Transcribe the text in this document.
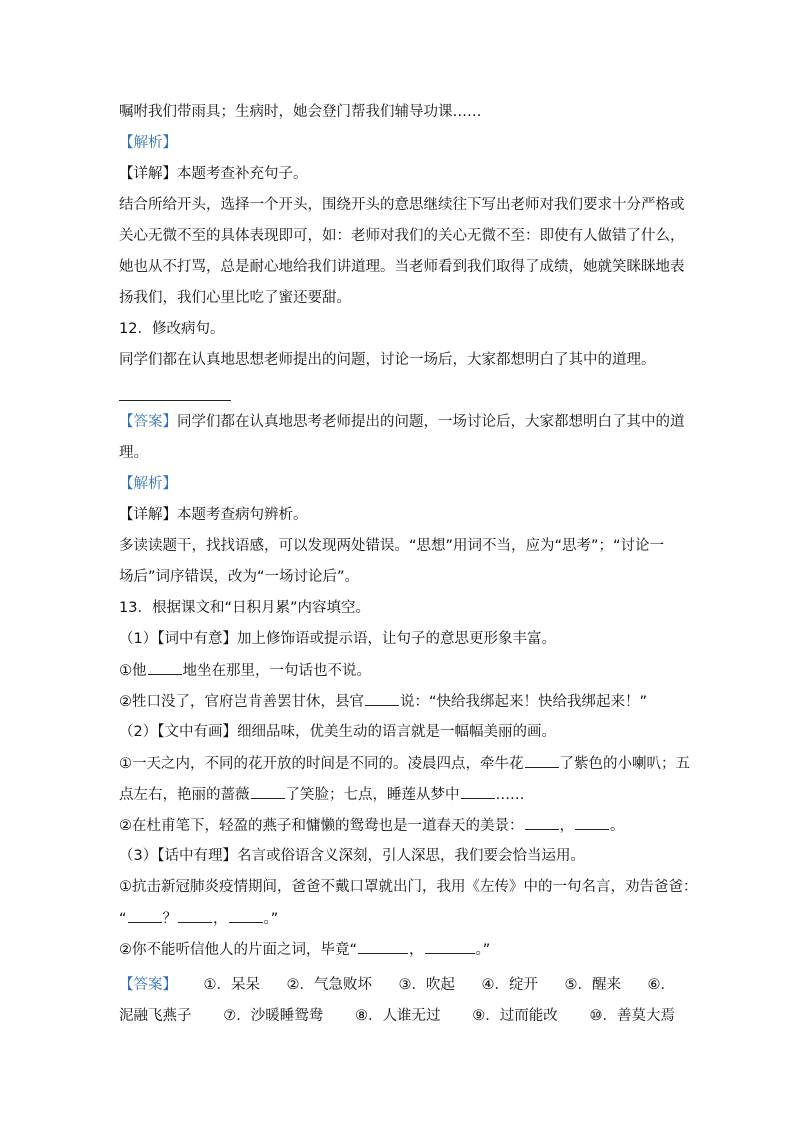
嘱咐我们带雨具；生病时，她会登门帮我们辅导功课……
【解析】
【详解】本题考查补充句子。
结合所给开头，选择一个开头，围绕开头的意思继续往下写出老师对我们要求十分严格或
关心无微不至的具体表现即可，如：老师对我们的关心无微不至：即使有人做错了什么，
她也从不打骂，总是耐心地给我们讲道理。当老师看到我们取得了成绩，她就笑眯眯地表
扬我们，我们心里比吃了蜜还要甜。
12．修改病句。
同学们都在认真地思想老师提出的问题，讨论一场后，大家都想明白了其中的道理。
【答案】同学们都在认真地思考老师提出的问题，一场讨论后，大家都想明白了其中的道
理。
【解析】
【详解】本题考查病句辨析。
多读读题干，找找语感，可以发现两处错误。“思想”用词不当，应为“思考”；“讨论一
场后”词序错误，改为“一场讨论后”。
13．根据课文和“日积月累”内容填空。
（1）【词中有意】加上修饰语或提示语，让句子的意思更形象丰富。
①他 地坐在那里，一句话也不说。
②牲口没了，官府岂肯善罢甘休，县官 说：“快给我绑起来！快给我绑起来！”
（2）【文中有画】细细品味，优美生动的语言就是一幅幅美丽的画。
①一天之内，不同的花开放的时间是不同的。凌晨四点，牵牛花 了紫色的小喇叭；五
点左右，艳丽的蔷薇 了笑脸；七点，睡莲从梦中 ……
②在杜甫笔下，轻盈的燕子和慵懒的鸳鸯也是一道春天的美景： ， 。
（3）【话中有理】名言或俗语含义深刻，引人深思，我们要会恰当运用。
①抗击新冠肺炎疫情期间，爸爸不戴口罩就出门，我用《左传》中的一句名言，劝告爸爸：
“ ？ ， 。”
②你不能听信他人的片面之词，毕竟“	，	。”
【答案】 ①．呆呆 ②．气急败坏 ③．吹起 ④．绽开 ⑤．醒来 ⑥．
泥融飞燕子 ⑦．沙暖睡鸳鸯 ⑧．人谁无过 ⑨．过而能改 ⑩．善莫大焉
